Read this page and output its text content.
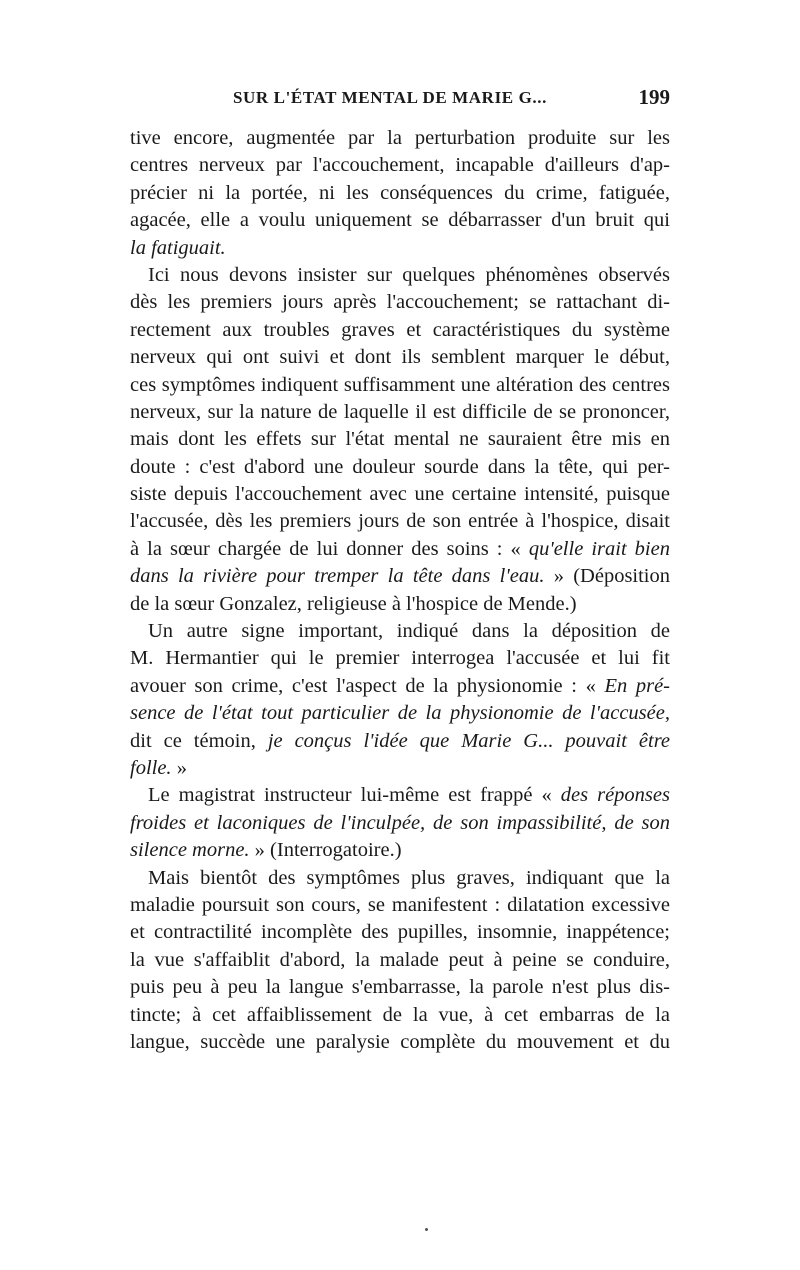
SUR L'ÉTAT MENTAL DE MARIE G...	199
tive encore, augmentée par la perturbation produite sur les
centres nerveux par l'accouchement, incapable d'ailleurs d'ap-
précier ni la portée, ni les conséquences du crime, fatiguée,
agacée, elle a voulu uniquement se débarrasser d'un bruit qui
la fatiguait.
Ici nous devons insister sur quelques phénomènes observés
dès les premiers jours après l'accouchement; se rattachant di-
rectement aux troubles graves et caractéristiques du système
nerveux qui ont suivi et dont ils semblent marquer le début,
ces symptômes indiquent suffisamment une altération des centres
nerveux, sur la nature de laquelle il est difficile de se prononcer,
mais dont les effets sur l'état mental ne sauraient être mis en
doute : c'est d'abord une douleur sourde dans la tête, qui per-
siste depuis l'accouchement avec une certaine intensité, puisque
l'accusée, dès les premiers jours de son entrée à l'hospice, disait
à la sœur chargée de lui donner des soins : « qu'elle irait bien
dans la rivière pour tremper la tête dans l'eau. » (Déposition
de la sœur Gonzalez, religieuse à l'hospice de Mende.)
Un autre signe important, indiqué dans la déposition de
M. Hermantier qui le premier interrogea l'accusée et lui fit
avouer son crime, c'est l'aspect de la physionomie : « En pré-
sence de l'état tout particulier de la physionomie de l'accusée,
dit ce témoin, je conçus l'idée que Marie G... pouvait être
folle. »
Le magistrat instructeur lui-même est frappé « des réponses
froides et laconiques de l'inculpée, de son impassibilité, de son
silence morne. » (Interrogatoire.)
Mais bientôt des symptômes plus graves, indiquant que la
maladie poursuit son cours, se manifestent : dilatation excessive
et contractilité incomplète des pupilles, insomnie, inappétence;
la vue s'affaiblit d'abord, la malade peut à peine se conduire,
puis peu à peu la langue s'embarrasse, la parole n'est plus dis-
tincte; à cet affaiblissement de la vue, à cet embarras de la
langue, succède une paralysie complète du mouvement et du
